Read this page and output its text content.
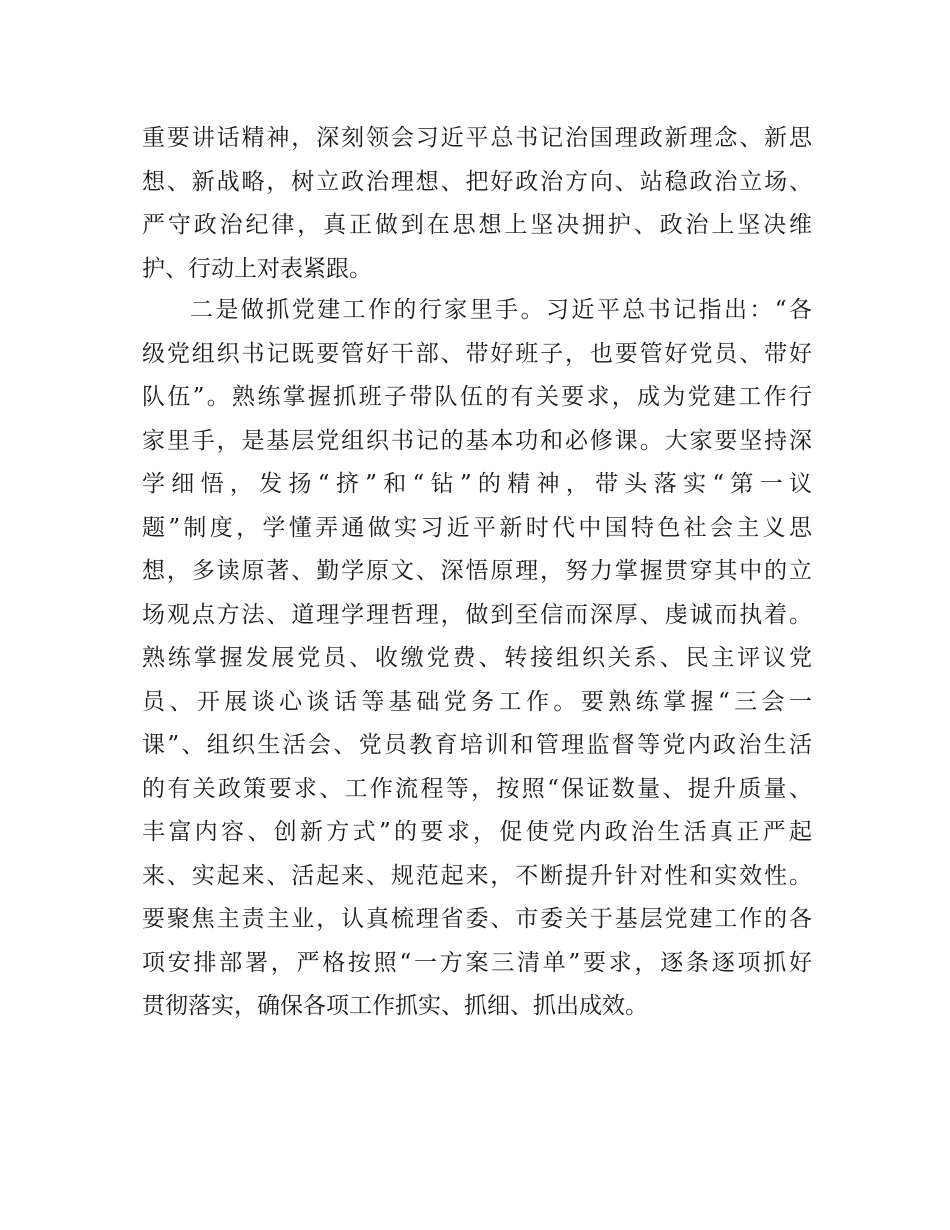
重要讲话精神，深刻领会习近平总书记治国理政新理念、新思
想、新战略，树立政治理想、把好政治方向、站稳政治立场、
严守政治纪律，真正做到在思想上坚决拥护、政治上坚决维
护、行动上对表紧跟。
二是做抓党建工作的行家里手。习近平总书记指出：“各
级党组织书记既要管好干部、带好班子，也要管好党员、带好
队伍”。熟练掌握抓班子带队伍的有关要求，成为党建工作行
家里手，是基层党组织书记的基本功和必修课。大家要坚持深
学细悟，发扬“挤”和“钻”的精神，带头落实“第一议
题”制度，学懂弄通做实习近平新时代中国特色社会主义思
想，多读原著、勤学原文、深悟原理，努力掌握贯穿其中的立
场观点方法、道理学理哲理，做到至信而深厚、虔诚而执着。
熟练掌握发展党员、收缴党费、转接组织关系、民主评议党
员、开展谈心谈话等基础党务工作。要熟练掌握“三会一
课”、组织生活会、党员教育培训和管理监督等党内政治生活
的有关政策要求、工作流程等，按照“保证数量、提升质量、
丰富内容、创新方式”的要求，促使党内政治生活真正严起
来、实起来、活起来、规范起来，不断提升针对性和实效性。
要聚焦主责主业，认真梳理省委、市委关于基层党建工作的各
项安排部署，严格按照“一方案三清单”要求，逐条逐项抓好
贯彻落实，确保各项工作抓实、抓细、抓出成效。
